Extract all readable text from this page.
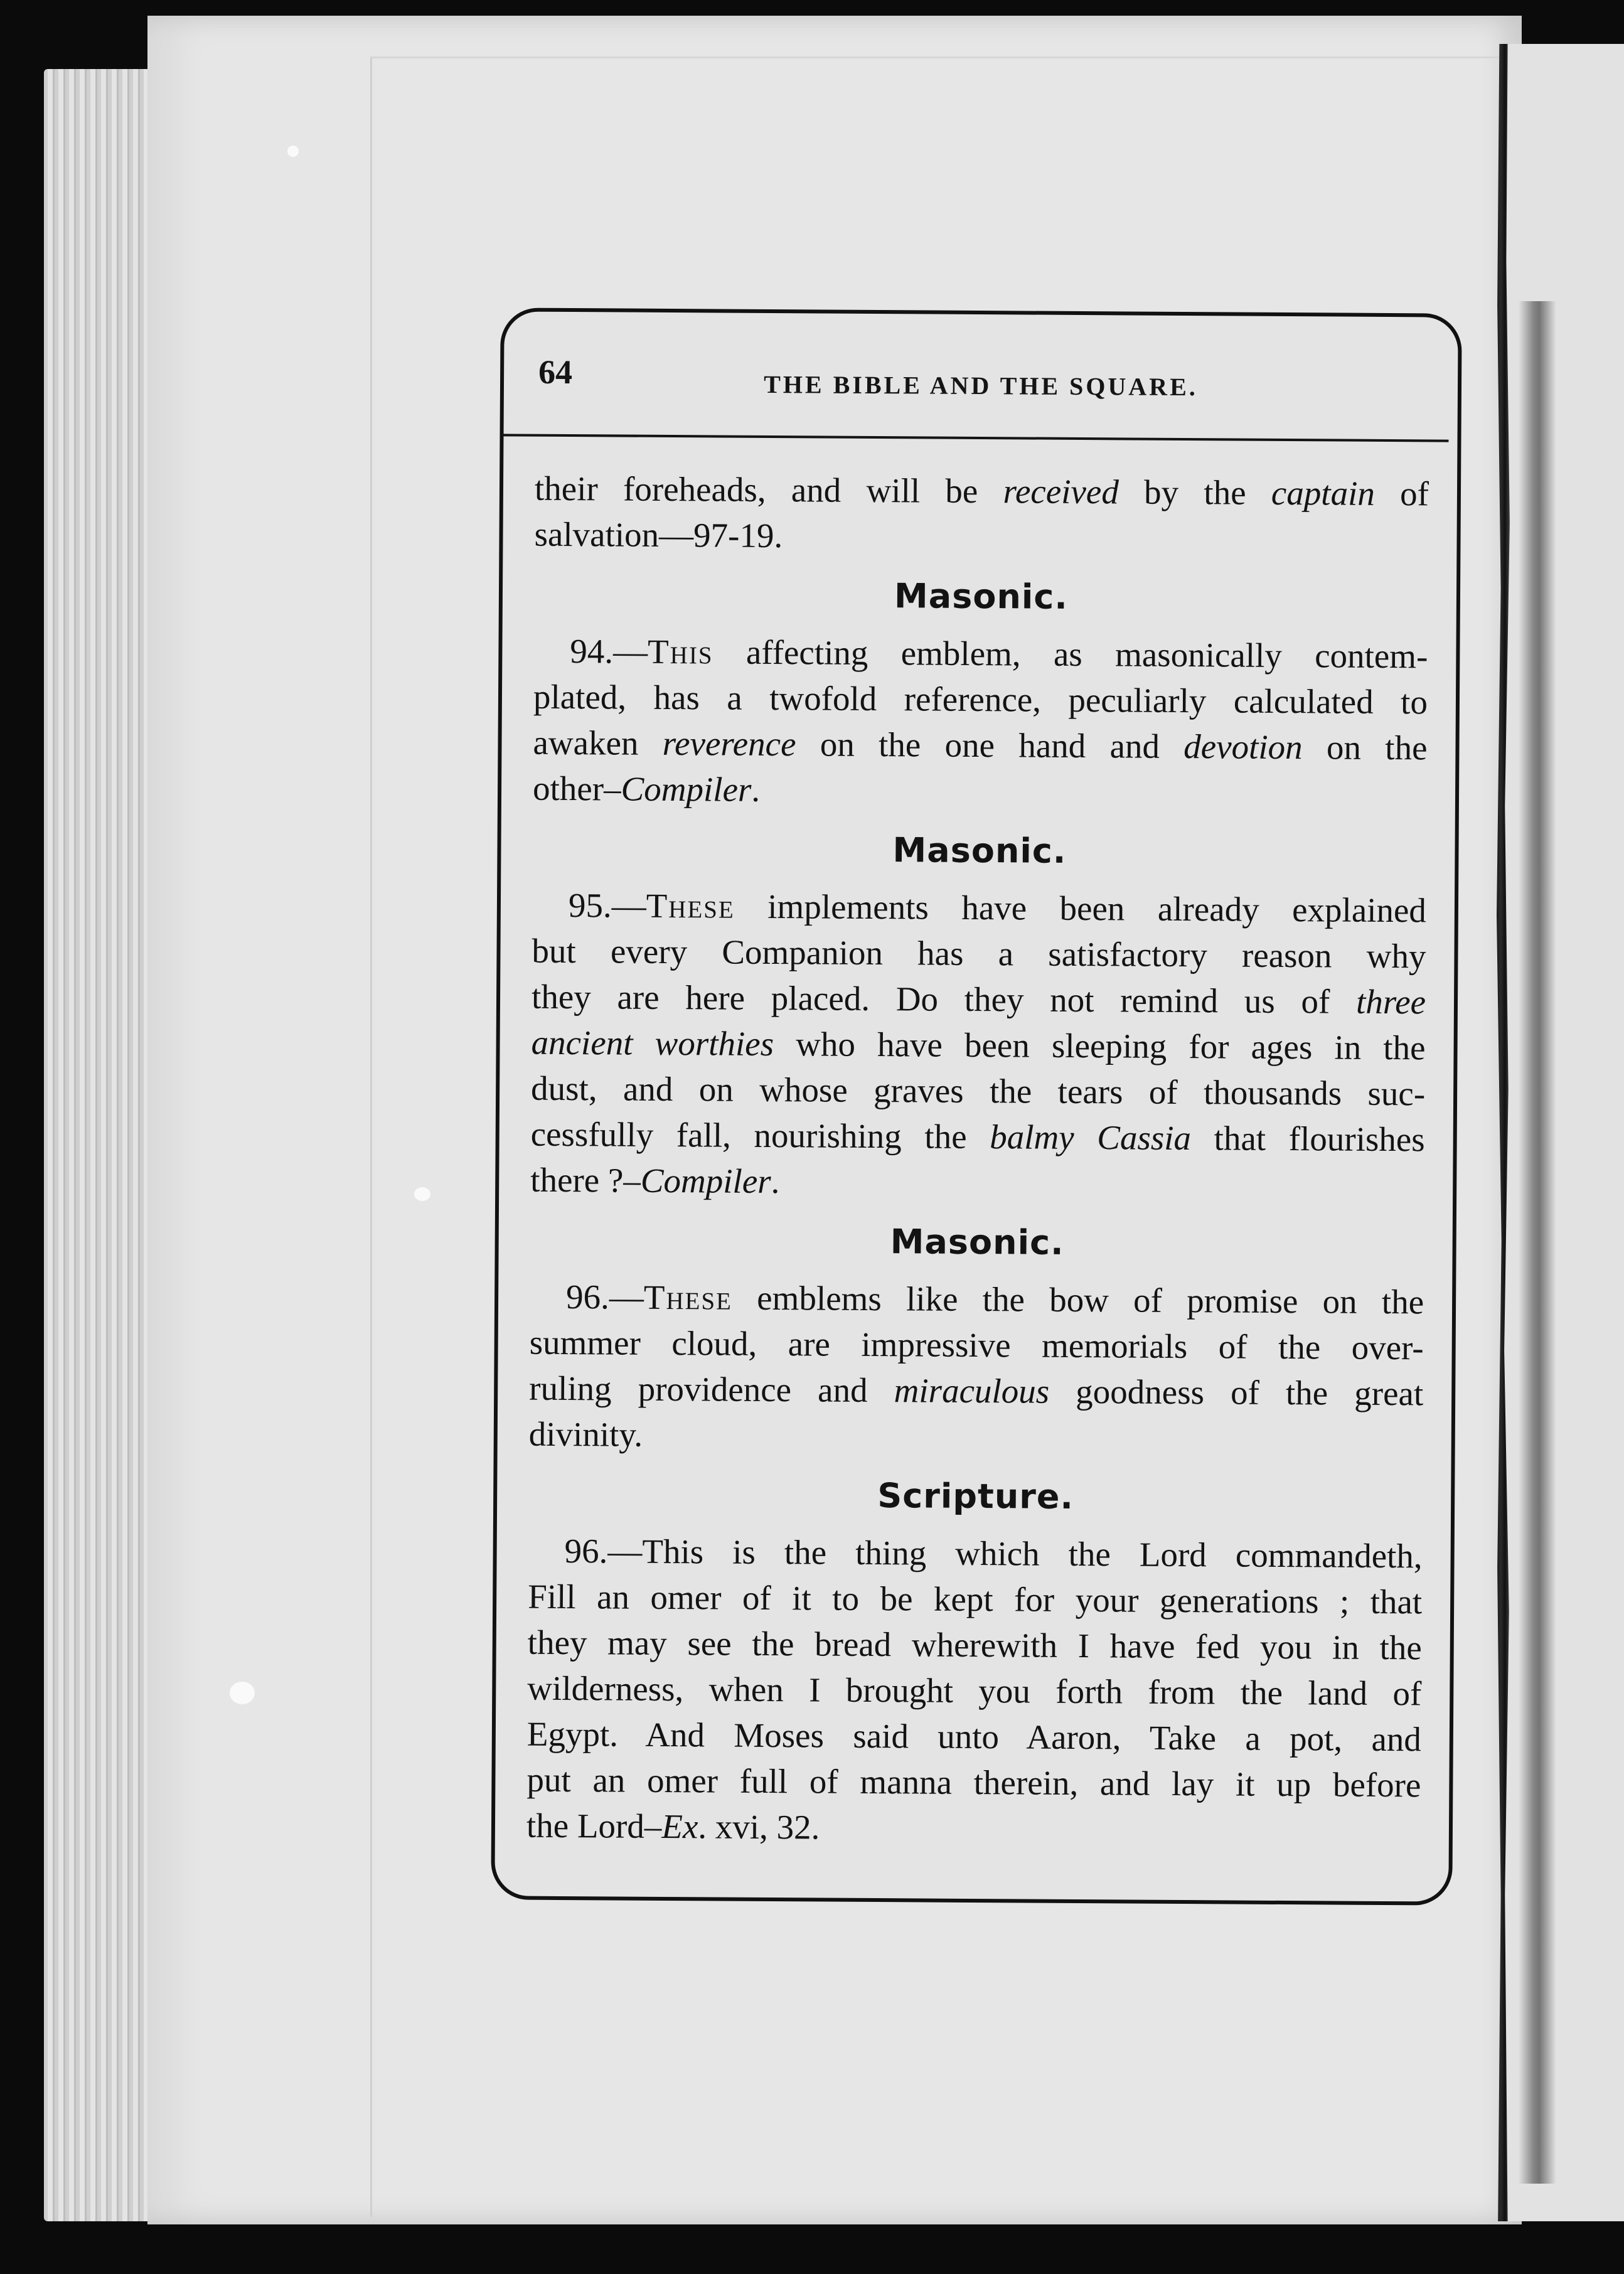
64	THE BIBLE AND THE SQUARE.
their foreheads, and will be received by the captain of
salvation—97-19.
Masonic.
94.—This affecting emblem, as masonically contem-
plated, has a twofold reference, peculiarly calculated to
awaken reverence on the one hand and devotion on the
other–Compiler.
Masonic.
95.—These implements have been already explained
but every Companion has a satisfactory reason why
they are here placed. Do they not remind us of three
ancient worthies who have been sleeping for ages in the
dust, and on whose graves the tears of thousands suc-
cessfully fall, nourishing the balmy Cassia that flourishes
there ?–Compiler.
Masonic.
96.—These emblems like the bow of promise on the
summer cloud, are impressive memorials of the over-
ruling providence and miraculous goodness of the great
divinity.
Scripture.
96.—This is the thing which the Lord commandeth,
Fill an omer of it to be kept for your generations ; that
they may see the bread wherewith I have fed you in the
wilderness, when I brought you forth from the land of
Egypt. And Moses said unto Aaron, Take a pot, and
put an omer full of manna therein, and lay it up before
the Lord–Ex. xvi, 32.
